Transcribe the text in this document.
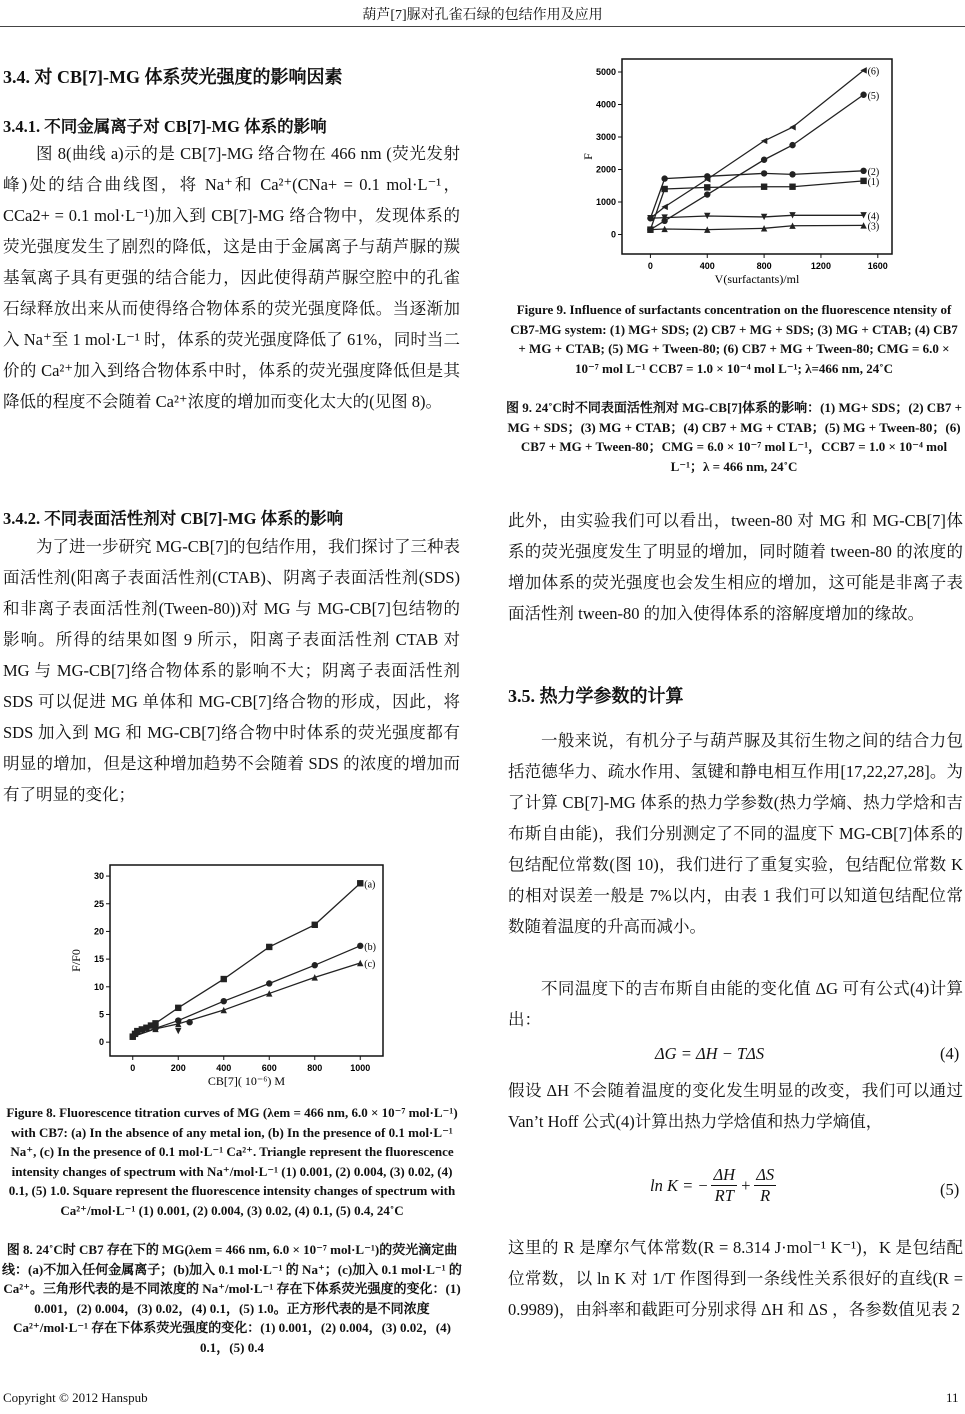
葫芦[7]脲对孔雀石绿的包结作用及应用
3.4. 对 CB[7]-MG 体系荧光强度的影响因素
3.4.1. 不同金属离子对 CB[7]-MG 体系的影响
图 8(曲线 a)示的是 CB[7]-MG 络合物在 466 nm (荧光发射峰)处的结合曲线图，将 Na⁺和 Ca²⁺(CNa+ = 0.1 mol·L⁻¹，CCa2+ = 0.1 mol·L⁻¹)加入到 CB[7]-MG 络合物中，发现体系的荧光强度发生了剧烈的降低，这是由于金属离子与葫芦脲的羰基氧离子具有更强的结合能力，因此使得葫芦脲空腔中的孔雀石绿释放出来从而使得络合物体系的荧光强度降低。当逐渐加入 Na⁺至 1 mol·L⁻¹ 时，体系的荧光强度降低了 61%，同时当二价的 Ca²⁺加入到络合物体系中时，体系的荧光强度降低但是其降低的程度不会随着 Ca²⁺浓度的增加而变化太大的(见图 8)。
3.4.2. 不同表面活性剂对 CB[7]-MG 体系的影响
为了进一步研究 MG-CB[7]的包结作用，我们探讨了三种表面活性剂(阳离子表面活性剂(CTAB)、阴离子表面活性剂(SDS)和非离子表面活性剂(Tween-80))对 MG 与 MG-CB[7]包结物的影响。所得的结果如图 9 所示，阳离子表面活性剂 CTAB 对 MG 与 MG-CB[7]络合物体系的影响不大；阴离子表面活性剂 SDS 可以促进 MG 单体和 MG-CB[7]络合物的形成，因此，将 SDS 加入到 MG 和 MG-CB[7]络合物中时体系的荧光强度都有明显的增加，但是这种增加趋势不会随着 SDS 的浓度的增加而有了明显的变化；
0	200	400	600	800	1000
0
5
10
15
20
25
30
CB[7]( 10⁻⁶) M
F/F0
(a)
(b)
(c)
Figure 8. Fluorescence titration curves of MG (λem = 466 nm, 6.0 × 10⁻⁷ mol·L⁻¹) with CB7: (a) In the absence of any metal ion, (b) In the presence of 0.1 mol·L⁻¹ Na⁺, (c) In the presence of 0.1 mol·L⁻¹ Ca²⁺. Triangle represent the fluorescence intensity changes of spectrum with Na⁺/mol·L⁻¹ (1) 0.001, (2) 0.004, (3) 0.02, (4) 0.1, (5) 1.0. Square represent the fluorescence intensity changes of spectrum with Ca²⁺/mol·L⁻¹ (1) 0.001, (2) 0.004, (3) 0.02, (4) 0.1, (5) 0.4, 24˚C
图 8. 24˚C时 CB7 存在下的 MG(λem = 466 nm, 6.0 × 10⁻⁷ mol·L⁻¹)的荧光滴定曲线：(a)不加入任何金属离子；(b)加入 0.1 mol·L⁻¹ 的 Na⁺；(c)加入 0.1 mol·L⁻¹ 的 Ca²⁺。三角形代表的是不同浓度的 Na⁺/mol·L⁻¹ 存在下体系荧光强度的变化：(1) 0.001，(2) 0.004，(3) 0.02，(4) 0.1，(5) 1.0。正方形代表的是不同浓度 Ca²⁺/mol·L⁻¹ 存在下体系荧光强度的变化：(1) 0.001，(2) 0.004，(3) 0.02，(4) 0.1，(5) 0.4
0	400	800	1200	1600
0
1000
2000
3000
4000
5000
V(surfactants)/ml
F
(1)
(2)
(3)
(4)
(5)
(6)
Figure 9. Influence of surfactants concentration on the fluorescence ntensity of CB7-MG system: (1) MG+ SDS; (2) CB7 + MG + SDS; (3) MG + CTAB; (4) CB7 + MG + CTAB; (5) MG + Tween-80; (6) CB7 + MG + Tween-80; CMG = 6.0 × 10⁻⁷ mol L⁻¹ CCB7 = 1.0 × 10⁻⁴ mol L⁻¹; λ=466 nm, 24˚C
图 9. 24˚C时不同表面活性剂对 MG-CB[7]体系的影响：(1) MG+ SDS；(2) CB7 + MG + SDS；(3) MG + CTAB；(4) CB7 + MG + CTAB；(5) MG + Tween-80；(6) CB7 + MG + Tween-80；CMG = 6.0 × 10⁻⁷ mol L⁻¹，CCB7 = 1.0 × 10⁻⁴ mol L⁻¹；λ = 466 nm, 24˚C
此外，由实验我们可以看出，tween-80 对 MG 和 MG-CB[7]体系的荧光强度发生了明显的增加，同时随着 tween-80 的浓度的增加体系的荧光强度也会发生相应的增加，这可能是非离子表面活性剂 tween-80 的加入使得体系的溶解度增加的缘故。
3.5. 热力学参数的计算
一般来说，有机分子与葫芦脲及其衍生物之间的结合力包括范德华力、疏水作用、氢键和静电相互作用[17,22,27,28]。为了计算 CB[7]-MG 体系的热力学参数(热力学熵、热力学焓和吉布斯自由能)，我们分别测定了不同的温度下 MG-CB[7]体系的包结配位常数(图 10)，我们进行了重复实验，包结配位常数 K 的相对误差一般是 7%以内，由表 1 我们可以知道包结配位常数随着温度的升高而减小。
不同温度下的吉布斯自由能的变化值 ΔG 可有公式(4)计算出：
ΔG = ΔH − TΔS	(4)
假设 ΔH 不会随着温度的变化发生明显的改变，我们可以通过 Van’t Hoff 公式(4)计算出热力学焓值和热力学熵值，
ln K = − $\frac{\Delta H}{RT} + \frac{\Delta S}{R}$	(5)
这里的 R 是摩尔气体常数(R = 8.314 J·mol⁻¹ K⁻¹)，K 是包结配位常数，以 ln K 对 1/T 作图得到一条线性关系很好的直线(R = 0.9989)，由斜率和截距可分别求得 ΔH 和 ΔS ，各参数值见表 2
Copyright © 2012 Hanspub	11
